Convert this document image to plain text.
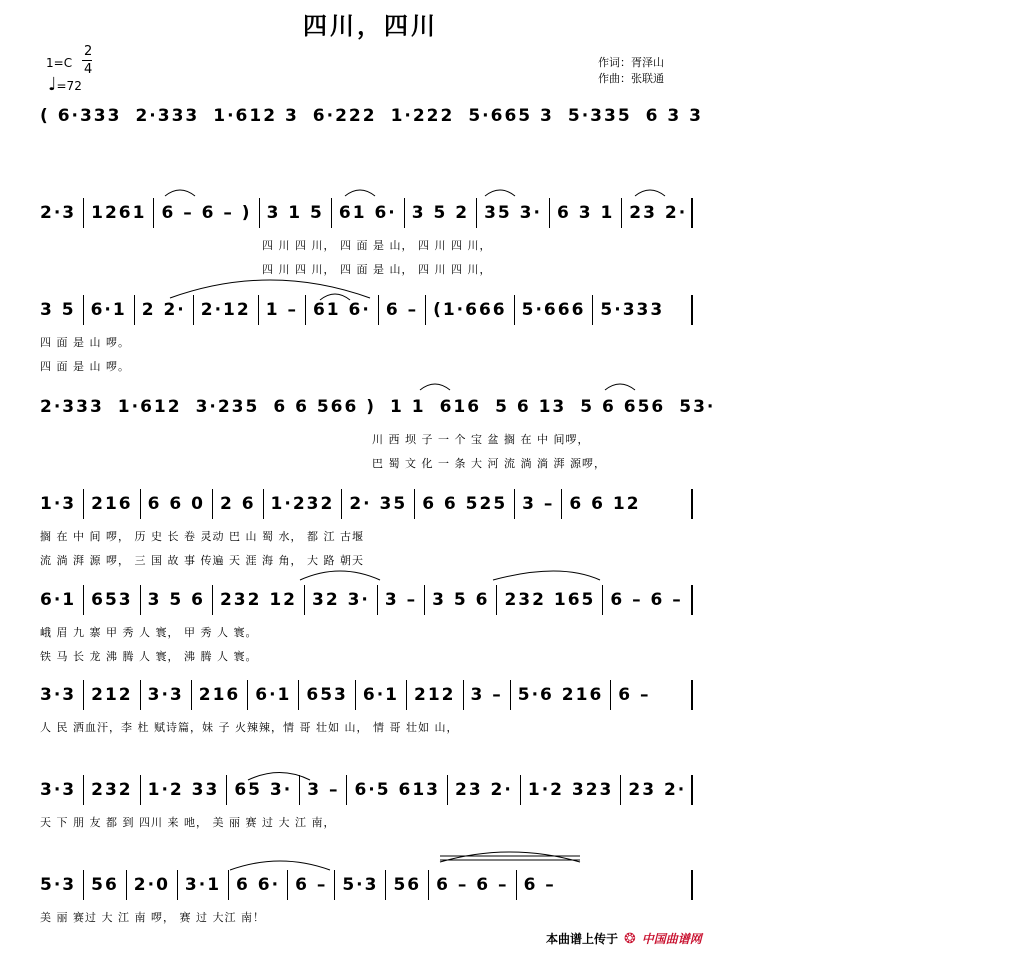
四川，四川
1=C
2
4
♩=72
作词：胥泽山
作曲：张联通
( 6·333 2·333 1·612 3 6·222 1·222 5·665 3 5·335 6 3 3
2·3 1261 6 – 6 – ) 3 1 5 61 6· 3 5 2 35 3· 6 3 1 23 2·
3 5 6·1 2 2· 2·12 1 – 61 6· 6 – (1·666 5·666 5·333
2·333 1·612 3·235 6 6 566 ) 1 1 616 5 6 13 5 6 656 53·
1·3 216 6 6 0 2 6 1·232 2· 35 6 6 525 3 – 6 6 12
6·1 653 3 5 6 232 12 32 3· 3 – 3 5 6 232 165 6 – 6 –
3·3 212 3·3 216 6·1 653 6·1 212 3 – 5·6 216 6 –
3·3 232 1·2 33 65 3· 3 – 6·5 613 23 2· 1·2 323 23 2·
5·3 56 2·0 3·1 6 6· 6 – 5·3 56 6 – 6 – 6 –
四 川 四 川， 四 面 是 山， 四 川 四 川，
四 川 四 川， 四 面 是 山， 四 川 四 川，
四 面 是 山 啰。
四 面 是 山 啰。
川 西 坝 子 一 个 宝 盆 搁 在 中 间啰，
巴 蜀 文 化 一 条 大 河 流 淌 淌 湃 源啰，
搁 在 中 间 啰， 历 史 长 卷 灵动 巴 山 蜀 水， 都 江 古堰
流 淌 湃 源 啰， 三 国 故 事 传遍 天 涯 海 角， 大 路 朝天
峨 眉 九 寨 甲 秀 人 寰， 甲 秀 人 寰。
铁 马 长 龙 沸 腾 人 寰， 沸 腾 人 寰。
人 民 洒血汗，李 杜 赋诗篇，妹 子 火辣辣，情 哥 壮如 山， 情 哥 壮如 山，
天 下 朋 友 都 到 四川 来 吔， 美 丽 赛 过 大 江 南，
美 丽 赛过 大 江 南 啰， 赛 过 大江 南！
本曲谱上传于 ❂ 中国曲谱网
